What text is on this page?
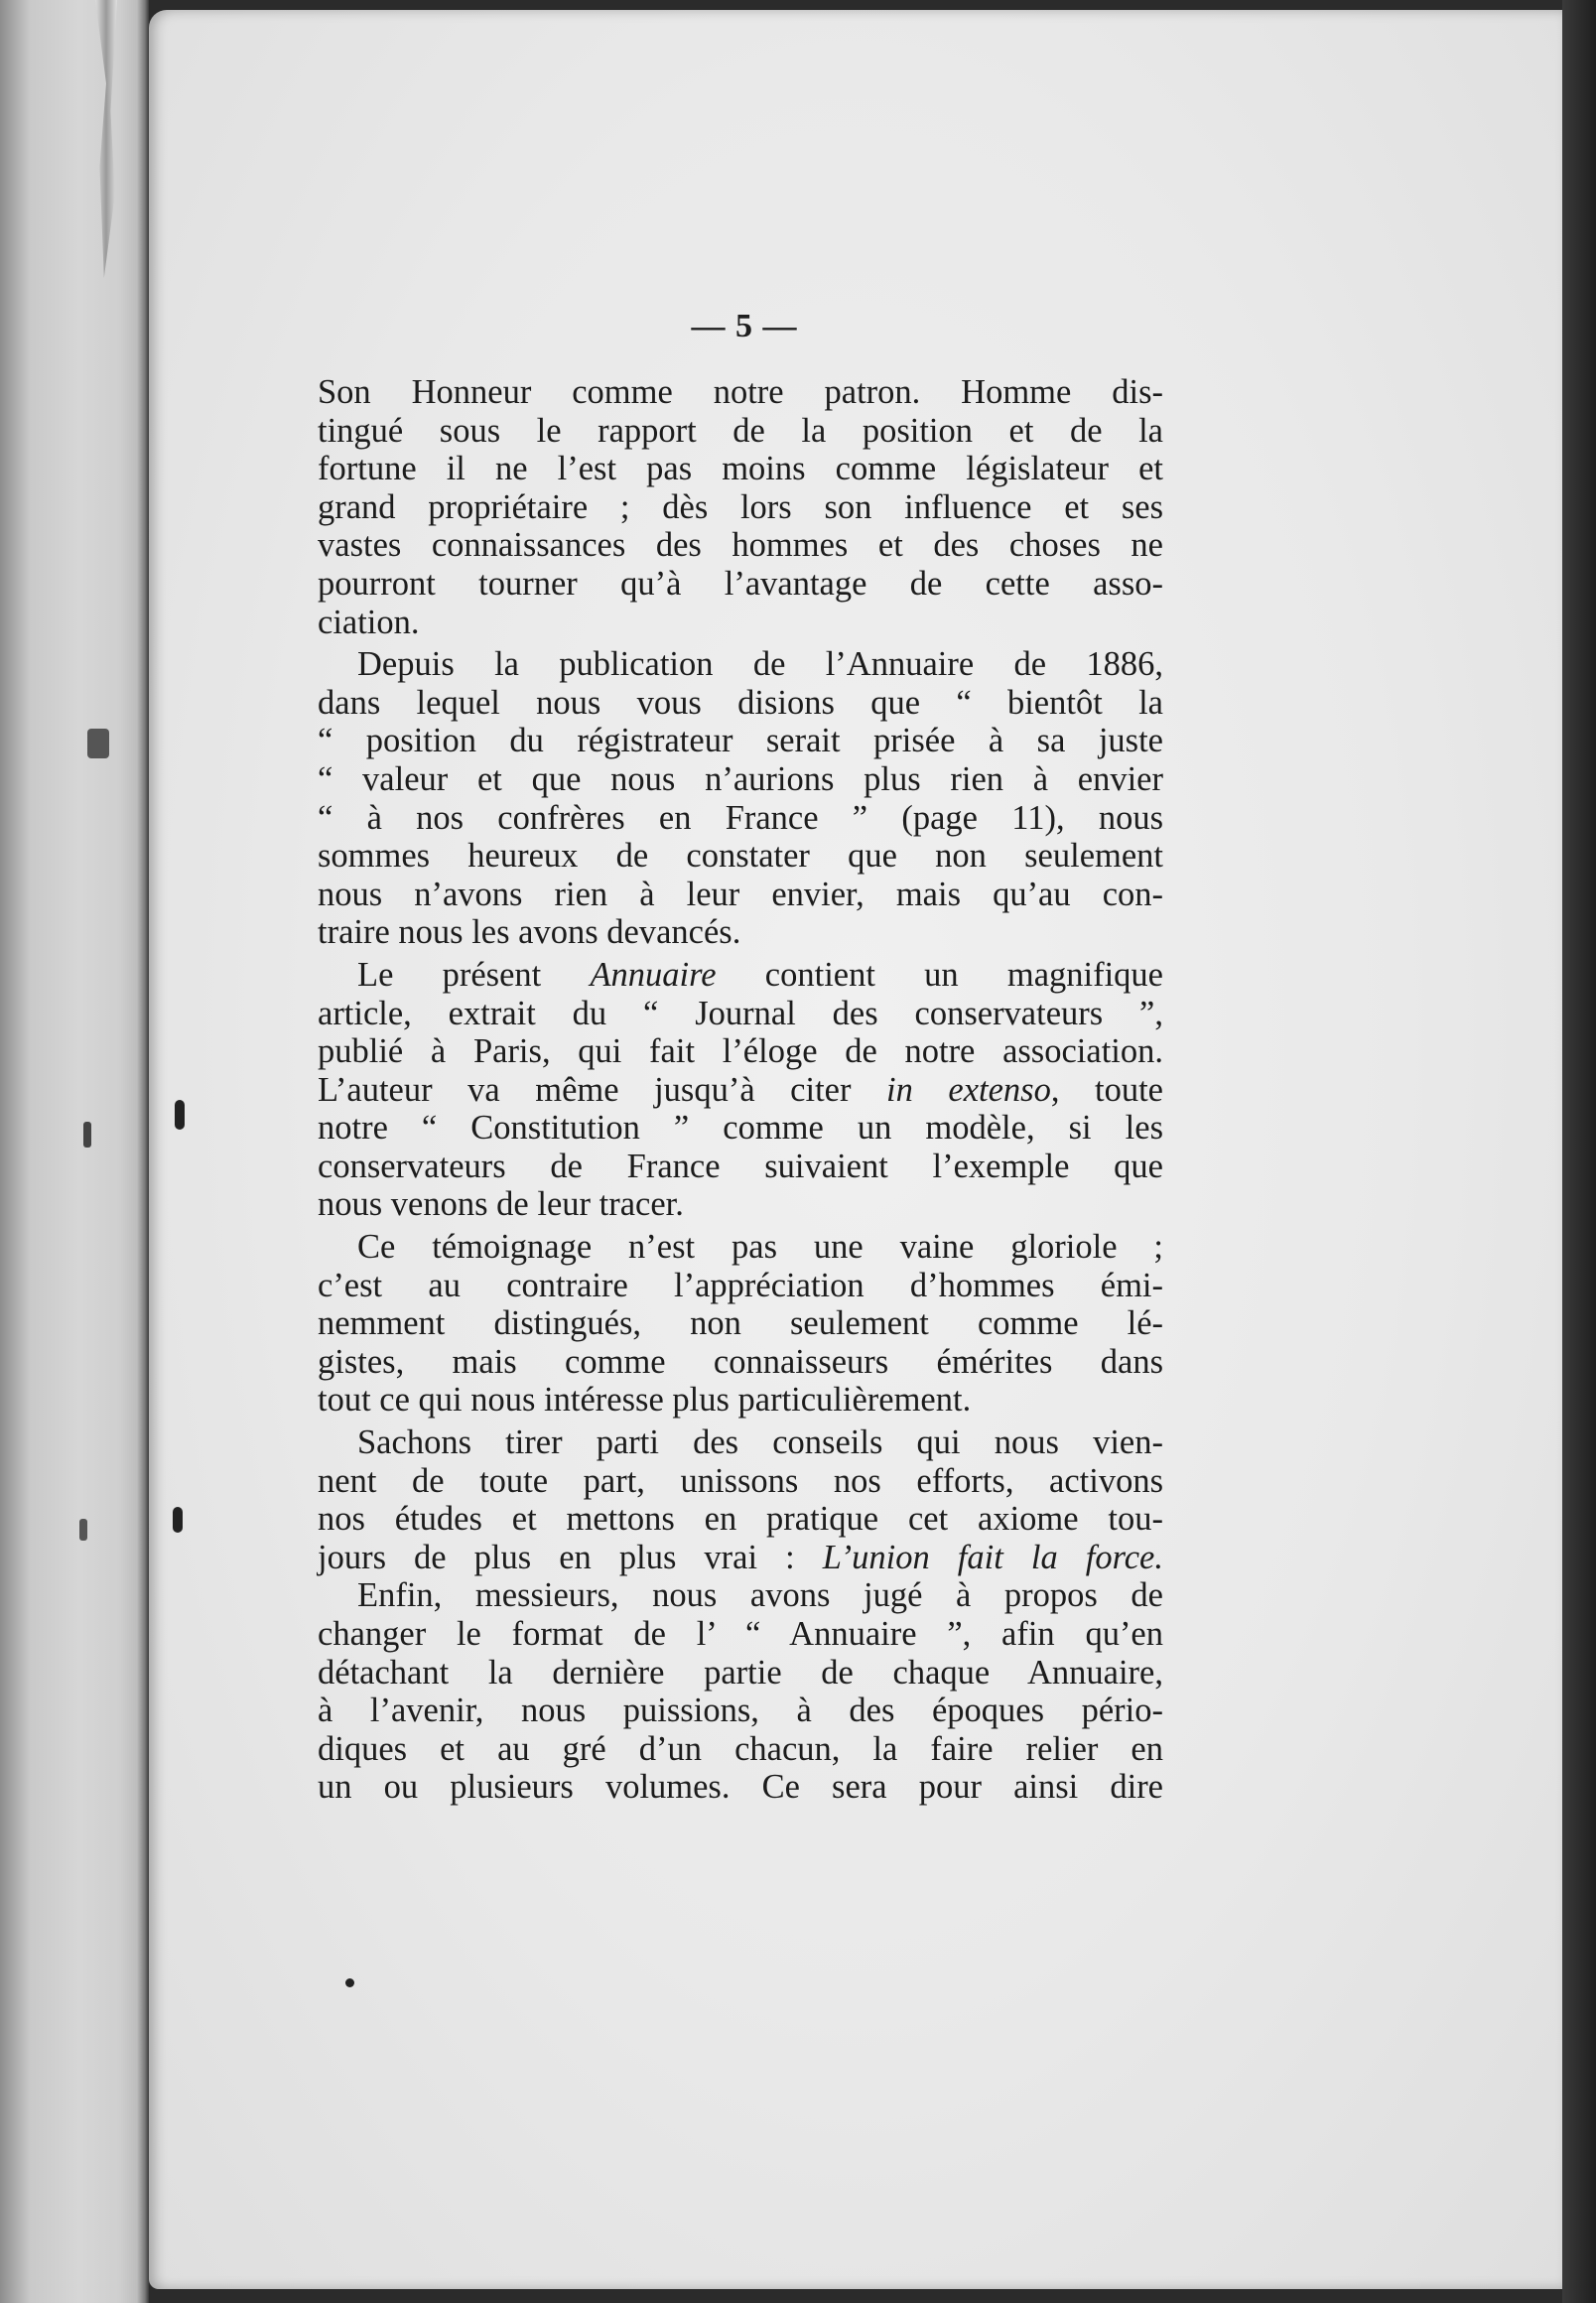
— 5 —
Son Honneur comme notre patron. Homme dis-
tingué sous le rapport de la position et de la
fortune il ne l’est pas moins comme législateur et
grand propriétaire ; dès lors son influence et ses
vastes connaissances des hommes et des choses ne
pourront tourner qu’à l’avantage de cette asso-
ciation.
Depuis la publication de l’Annuaire de 1886,
dans lequel nous vous disions que “ bientôt la
“ position du régistrateur serait prisée à sa juste
“ valeur et que nous n’aurions plus rien à envier
“ à nos confrères en France ” (page 11), nous
sommes heureux de constater que non seulement
nous n’avons rien à leur envier, mais qu’au con-
traire nous les avons devancés.
Le présent Annuaire contient un magnifique
article, extrait du “ Journal des conservateurs ”,
publié à Paris, qui fait l’éloge de notre association.
L’auteur va même jusqu’à citer in extenso, toute
notre “ Constitution ” comme un modèle, si les
conservateurs de France suivaient l’exemple que
nous venons de leur tracer.
Ce témoignage n’est pas une vaine gloriole ;
c’est au contraire l’appréciation d’hommes émi-
nemment distingués, non seulement comme lé-
gistes, mais comme connaisseurs émérites dans
tout ce qui nous intéresse plus particulièrement.
Sachons tirer parti des conseils qui nous vien-
nent de toute part, unissons nos efforts, activons
nos études et mettons en pratique cet axiome tou-
jours de plus en plus vrai : L’union fait la force.
Enfin, messieurs, nous avons jugé à propos de
changer le format de l’ “ Annuaire ”, afin qu’en
détachant la dernière partie de chaque Annuaire,
à l’avenir, nous puissions, à des époques pério-
diques et au gré d’un chacun, la faire relier en
un ou plusieurs volumes. Ce sera pour ainsi dire
